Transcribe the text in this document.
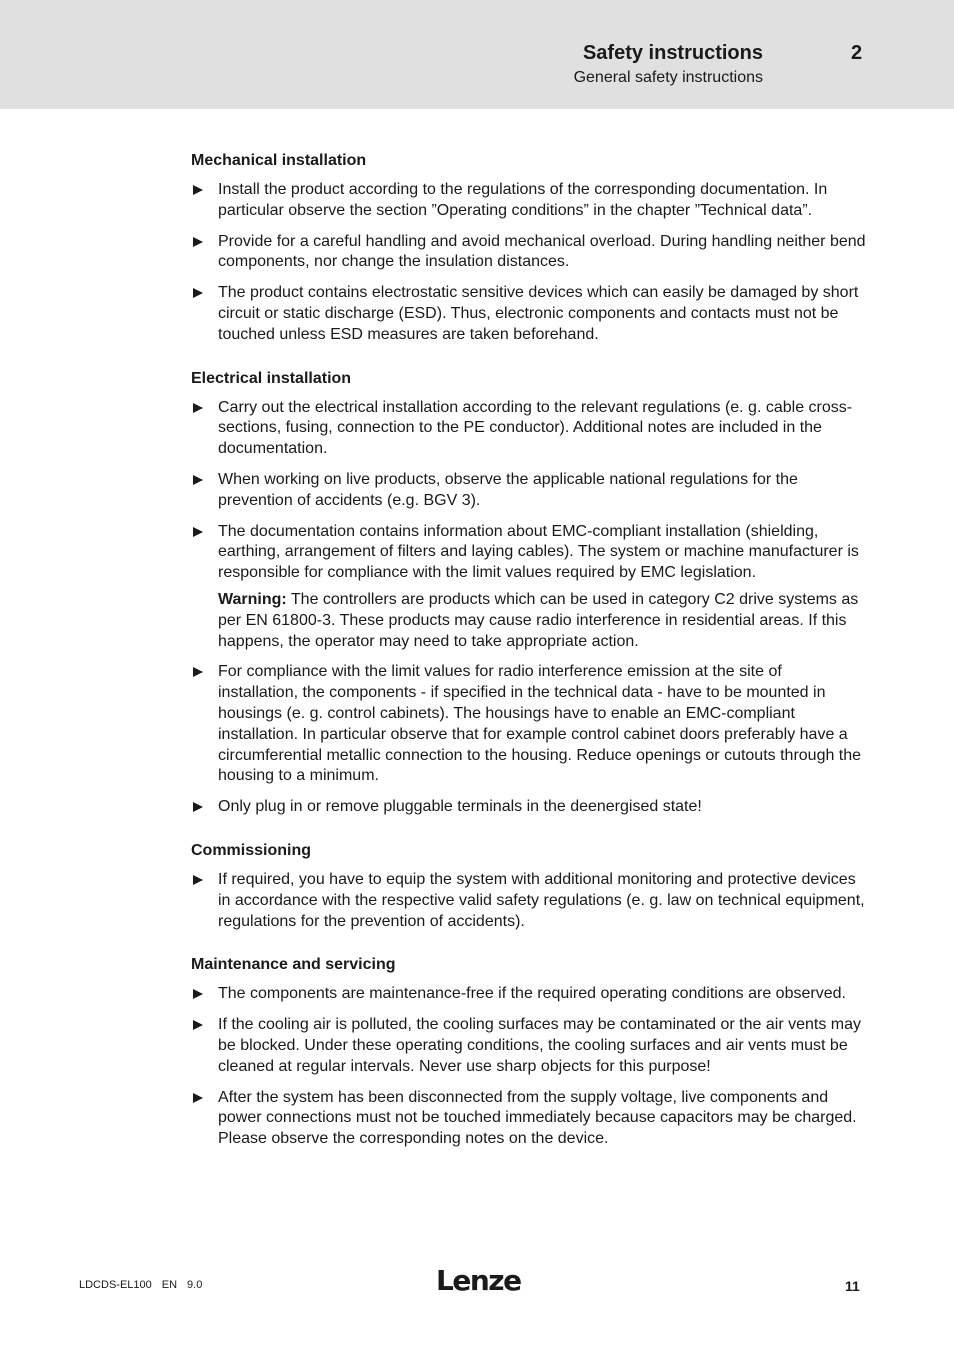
Safety instructions	2
General safety instructions
Mechanical installation
Install the product according to the regulations of the corresponding documentation. In particular observe the section ”Operating conditions” in the chapter ”Technical data”.
Provide for a careful handling and avoid mechanical overload. During handling neither bend components, nor change the insulation distances.
The product contains electrostatic sensitive devices which can easily be damaged by short circuit or static discharge (ESD). Thus, electronic components and contacts must not be touched unless ESD measures are taken beforehand.
Electrical installation
Carry out the electrical installation according to the relevant regulations (e. g. cable cross-sections, fusing, connection to the PE conductor). Additional notes are included in the documentation.
When working on live products, observe the applicable national regulations for the prevention of accidents (e.g. BGV 3).
The documentation contains information about EMC-compliant installation (shielding, earthing, arrangement of filters and laying cables). The system or machine manufacturer is responsible for compliance with the limit values required by EMC legislation.
Warning: The controllers are products which can be used in category C2 drive systems as per EN 61800-3. These products may cause radio interference in residential areas. If this happens, the operator may need to take appropriate action.
For compliance with the limit values for radio interference emission at the site of installation, the components - if specified in the technical data - have to be mounted in housings (e. g. control cabinets). The housings have to enable an EMC-compliant installation. In particular observe that for example control cabinet doors preferably have a circumferential metallic connection to the housing. Reduce openings or cutouts through the housing to a minimum.
Only plug in or remove pluggable terminals in the deenergised state!
Commissioning
If required, you have to equip the system with additional monitoring and protective devices in accordance with the respective valid safety regulations (e. g. law on technical equipment, regulations for the prevention of accidents).
Maintenance and servicing
The components are maintenance-free if the required operating conditions are observed.
If the cooling air is polluted, the cooling surfaces may be contaminated or the air vents may be blocked. Under these operating conditions, the cooling surfaces and air vents must be cleaned at regular intervals. Never use sharp objects for this purpose!
After the system has been disconnected from the supply voltage, live components and power connections must not be touched immediately because capacitors may be charged. Please observe the corresponding notes on the device.
LDCDS-EL100 EN 9.0	Lenze	11
